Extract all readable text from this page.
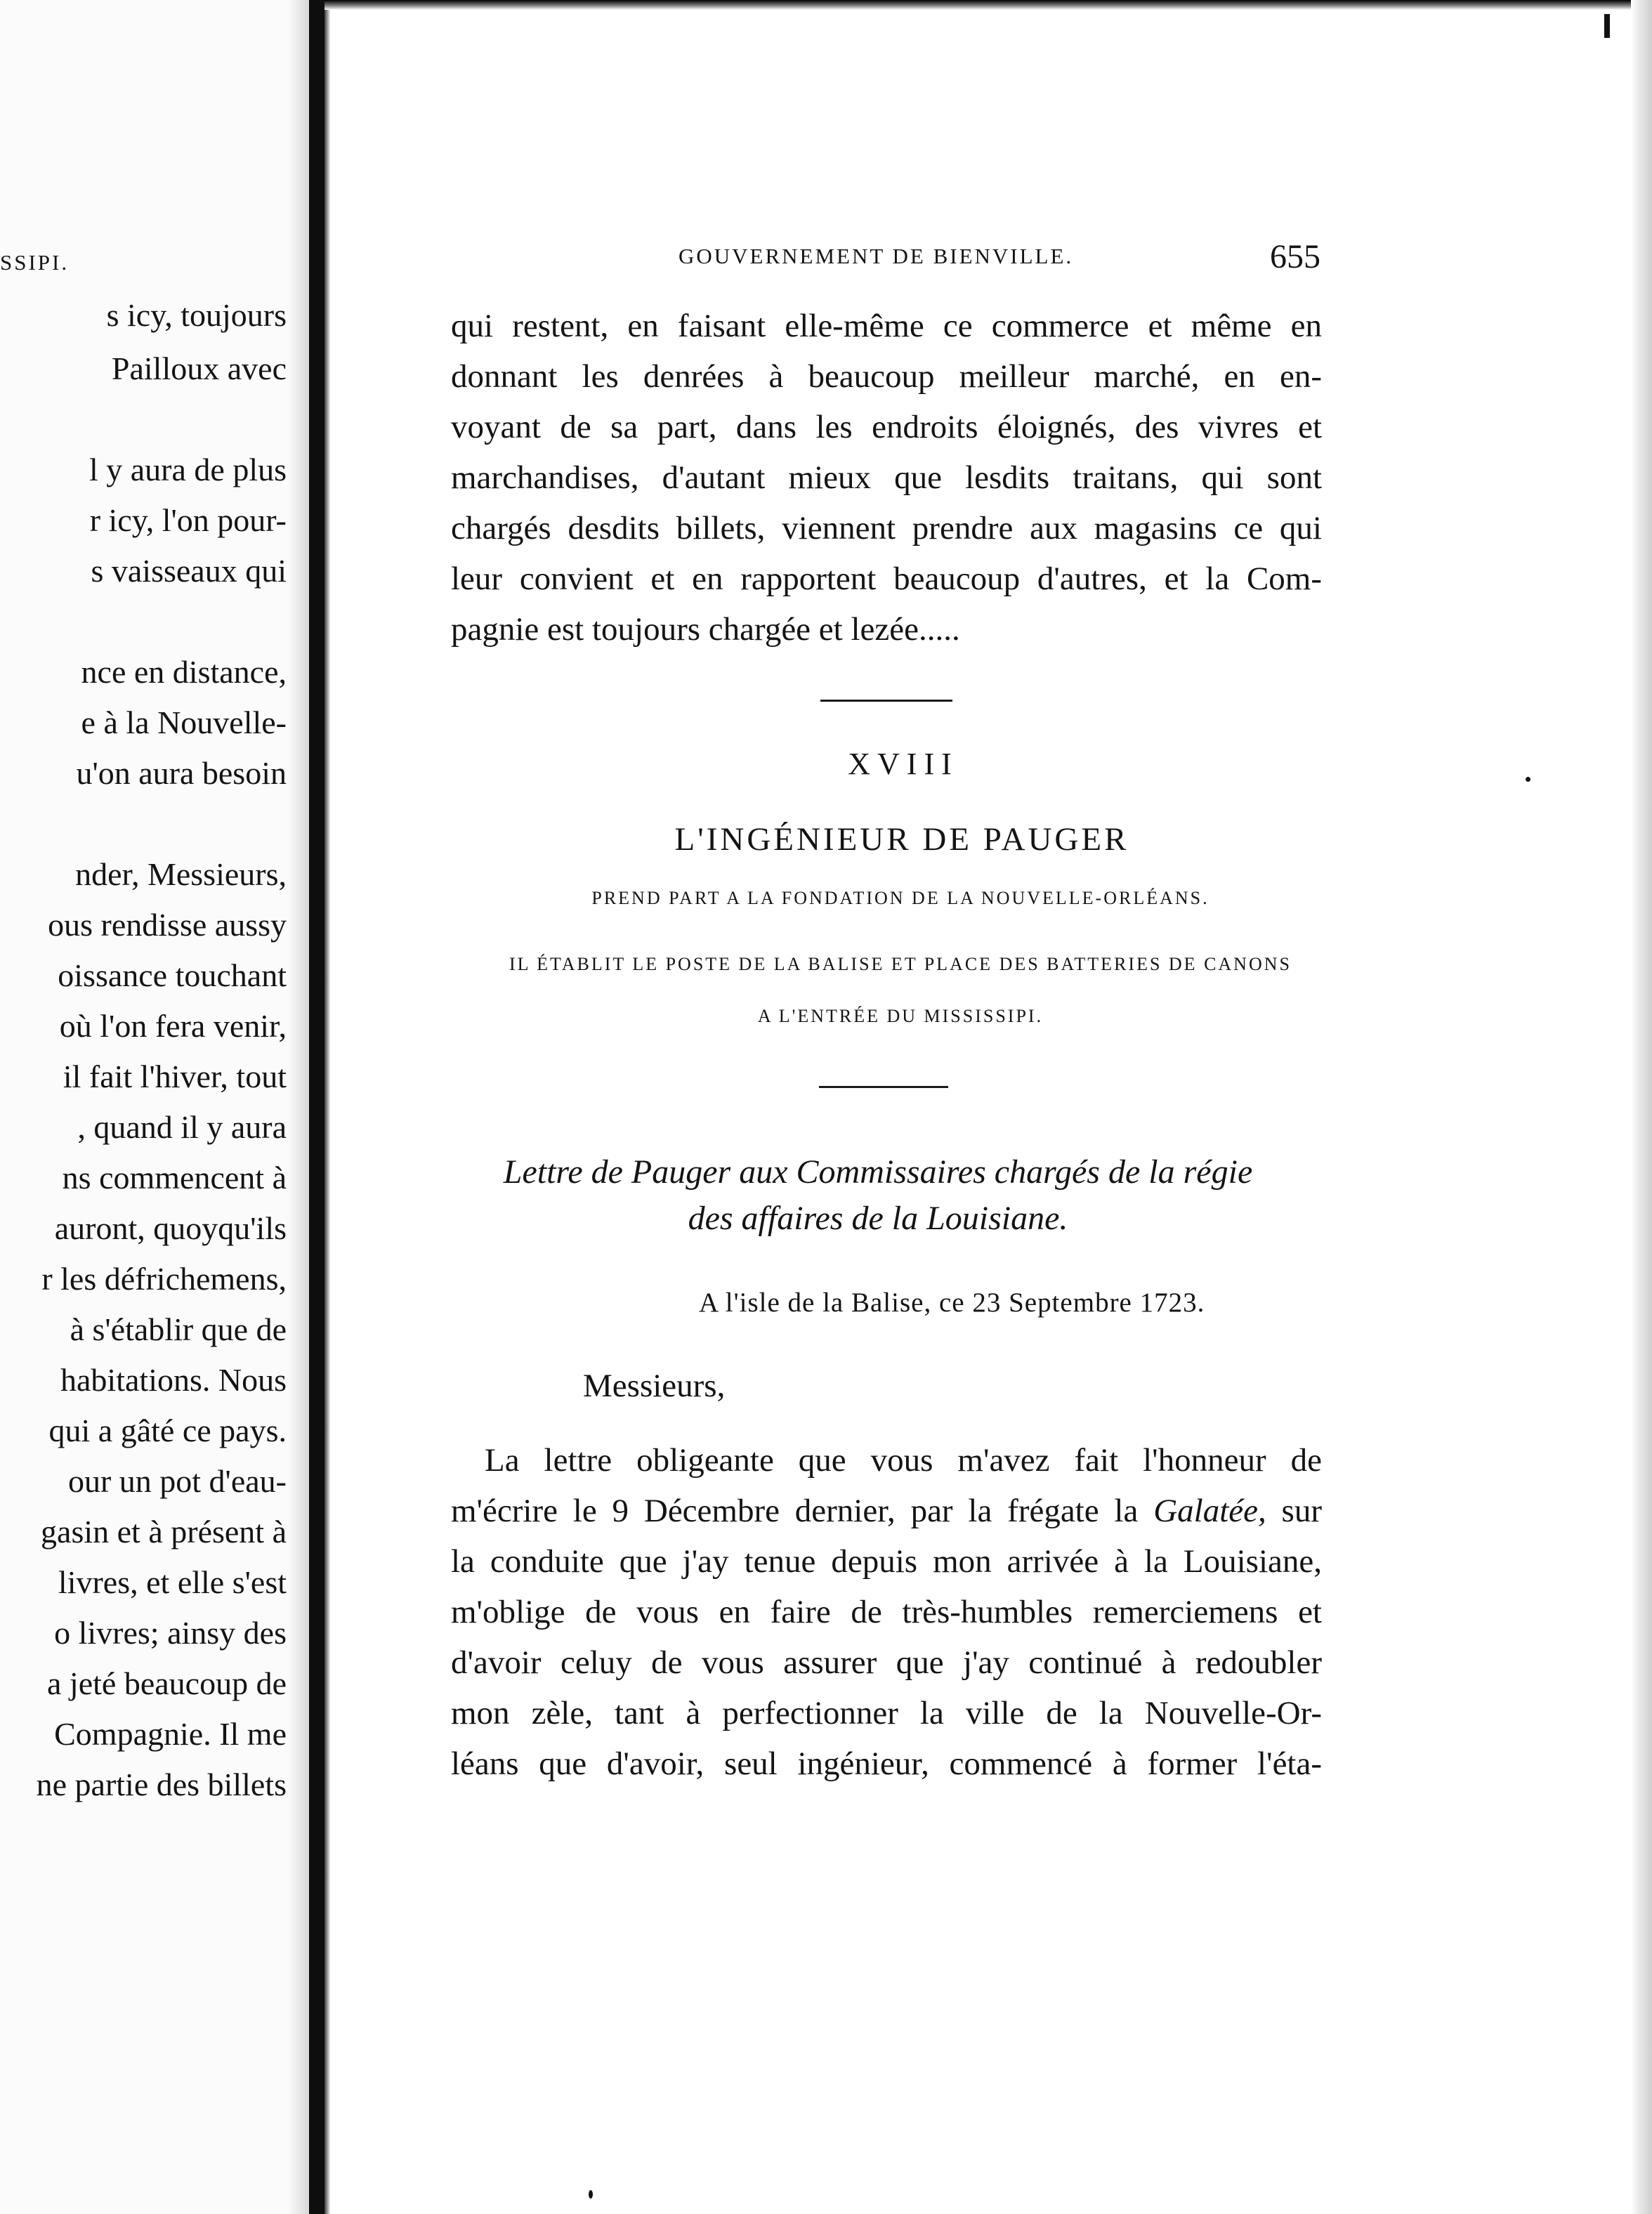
SSIPI.
s icy, toujours
Pailloux avec
l y aura de plus
r icy, l'on pour-
s vaisseaux qui
nce en distance,
e à la Nouvelle-
u'on aura besoin
nder, Messieurs,
ous rendisse aussy
oissance touchant
où l'on fera venir,
il fait l'hiver, tout
, quand il y aura
ns commencent à
auront, quoyqu'ils
r les défrichemens,
à s'établir que de
habitations. Nous
qui a gâté ce pays.
our un pot d'eau-
gasin et à présent à
livres, et elle s'est
o livres; ainsy des
a jeté beaucoup de
Compagnie. Il me
ne partie des billets
GOUVERNEMENT DE BIENVILLE.	655
qui restent, en faisant elle-même ce commerce et même en
donnant les denrées à beaucoup meilleur marché, en en-
voyant de sa part, dans les endroits éloignés, des vivres et
marchandises, d'autant mieux que lesdits traitans, qui sont
chargés desdits billets, viennent prendre aux magasins ce qui
leur convient et en rapportent beaucoup d'autres, et la Com-
pagnie est toujours chargée et lezée.....
XVIII
L'INGÉNIEUR DE PAUGER
PREND PART A LA FONDATION DE LA NOUVELLE-ORLÉANS.
IL ÉTABLIT LE POSTE DE LA BALISE ET PLACE DES BATTERIES DE CANONS
A L'ENTRÉE DU MISSISSIPI.
Lettre de Pauger aux Commissaires chargés de la régie
des affaires de la Louisiane.
A l'isle de la Balise, ce 23 Septembre 1723.
Messieurs,
La lettre obligeante que vous m'avez fait l'honneur de
m'écrire le 9 Décembre dernier, par la frégate la Galatée, sur
la conduite que j'ay tenue depuis mon arrivée à la Louisiane,
m'oblige de vous en faire de très-humbles remerciemens et
d'avoir celuy de vous assurer que j'ay continué à redoubler
mon zèle, tant à perfectionner la ville de la Nouvelle-Or-
léans que d'avoir, seul ingénieur, commencé à former l'éta-
